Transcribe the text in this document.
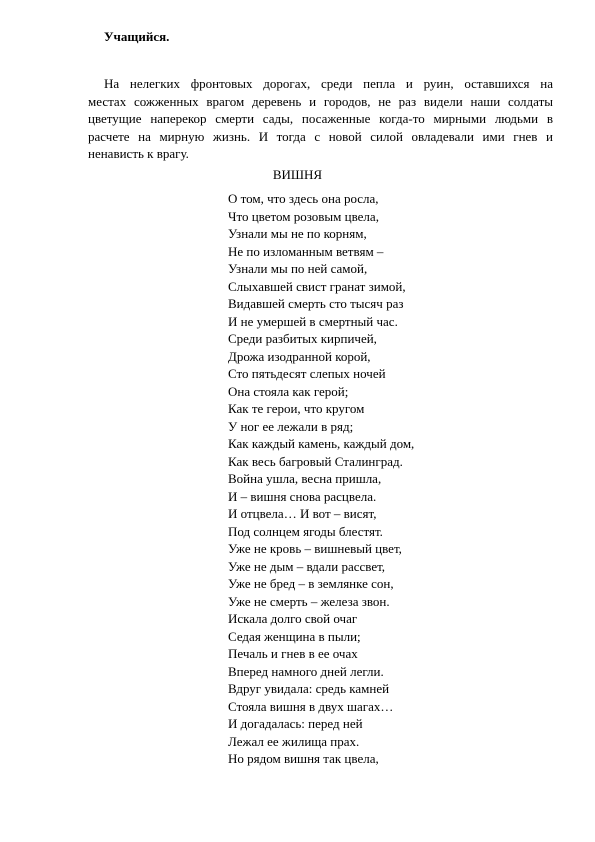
Учащийся.
На нелегких фронтовых дорогах, среди пепла и руин, оставшихся на
местах сожженных врагом деревень и городов, не раз видели наши солдаты
цветущие наперекор смерти сады, посаженные когда-то мирными людьми в
расчете на мирную жизнь. И тогда с новой силой овладевали ими гнев и
ненависть к врагу.
ВИШНЯ
О том, что здесь она росла,
Что цветом розовым цвела,
Узнали мы не по корням,
Не по изломанным ветвям –
Узнали мы по ней самой,
Слыхавшей свист гранат зимой,
Видавшей смерть сто тысяч раз
И не умершей в смертный час.
Среди разбитых кирпичей,
Дрожа изодранной корой,
Сто пятьдесят слепых ночей
Она стояла как герой;
Как те герои, что кругом
У ног ее лежали в ряд;
Как каждый камень, каждый дом,
Как весь багровый Сталинград.
Война ушла, весна пришла,
И – вишня снова расцвела.
И отцвела… И вот – висят,
Под солнцем ягоды блестят.
Уже не кровь – вишневый цвет,
Уже не дым – вдали рассвет,
Уже не бред – в землянке сон,
Уже не смерть – железа звон.
Искала долго свой очаг
Седая женщина в пыли;
Печаль и гнев в ее очах
Вперед намного дней легли.
Вдруг увидала: средь камней
Стояла вишня в двух шагах…
И догадалась: перед ней
Лежал ее жилища прах.
Но рядом вишня так цвела,
